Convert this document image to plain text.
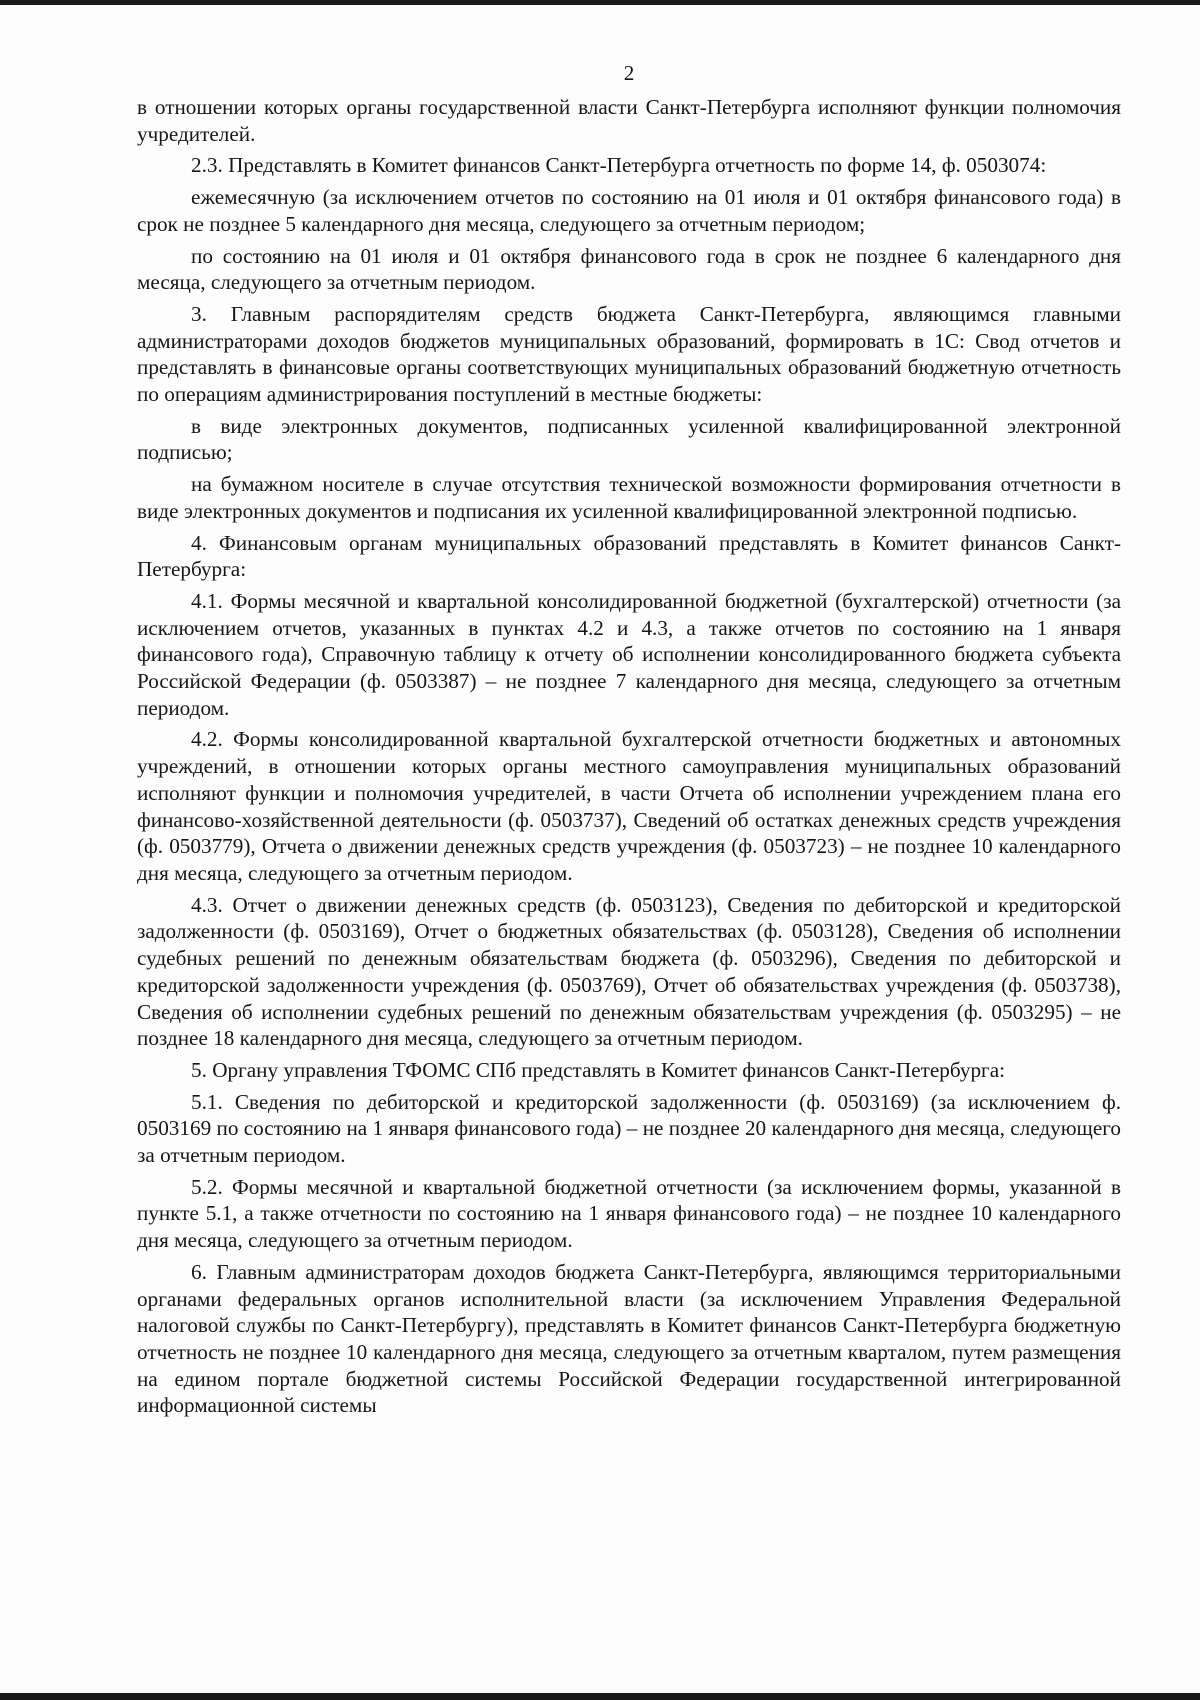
2

в отношении которых органы государственной власти Санкт-Петербурга исполняют функции полномочия учредителей.

2.3. Представлять в Комитет финансов Санкт-Петербурга отчетность по форме 14, ф. 0503074:

ежемесячную (за исключением отчетов по состоянию на 01 июля и 01 октября финансового года) в срок не позднее 5 календарного дня месяца, следующего за отчетным периодом;

по состоянию на 01 июля и 01 октября финансового года в срок не позднее 6 календарного дня месяца, следующего за отчетным периодом.

3. Главным распорядителям средств бюджета Санкт-Петербурга, являющимся главными администраторами доходов бюджетов муниципальных образований, формировать в 1С: Свод отчетов и представлять в финансовые органы соответствующих муниципальных образований бюджетную отчетность по операциям администрирования поступлений в местные бюджеты:

в виде электронных документов, подписанных усиленной квалифицированной электронной подписью;

на бумажном носителе в случае отсутствия технической возможности формирования отчетности в виде электронных документов и подписания их усиленной квалифицированной электронной подписью.

4. Финансовым органам муниципальных образований представлять в Комитет финансов Санкт-Петербурга:

4.1. Формы месячной и квартальной консолидированной бюджетной (бухгалтерской) отчетности (за исключением отчетов, указанных в пунктах 4.2 и 4.3, а также отчетов по состоянию на 1 января финансового года), Справочную таблицу к отчету об исполнении консолидированного бюджета субъекта Российской Федерации (ф. 0503387) – не позднее 7 календарного дня месяца, следующего за отчетным периодом.

4.2. Формы консолидированной квартальной бухгалтерской отчетности бюджетных и автономных учреждений, в отношении которых органы местного самоуправления муниципальных образований исполняют функции и полномочия учредителей, в части Отчета об исполнении учреждением плана его финансово-хозяйственной деятельности (ф. 0503737), Сведений об остатках денежных средств учреждения (ф. 0503779), Отчета о движении денежных средств учреждения (ф. 0503723) – не позднее 10 календарного дня месяца, следующего за отчетным периодом.

4.3. Отчет о движении денежных средств (ф. 0503123), Сведения по дебиторской и кредиторской задолженности (ф. 0503169), Отчет о бюджетных обязательствах (ф. 0503128), Сведения об исполнении судебных решений по денежным обязательствам бюджета (ф. 0503296), Сведения по дебиторской и кредиторской задолженности учреждения (ф. 0503769), Отчет об обязательствах учреждения (ф. 0503738), Сведения об исполнении судебных решений по денежным обязательствам учреждения (ф. 0503295) – не позднее 18 календарного дня месяца, следующего за отчетным периодом.

5. Органу управления ТФОМС СПб представлять в Комитет финансов Санкт-Петербурга:

5.1. Сведения по дебиторской и кредиторской задолженности (ф. 0503169) (за исключением ф. 0503169 по состоянию на 1 января финансового года) – не позднее 20 календарного дня месяца, следующего за отчетным периодом.

5.2. Формы месячной и квартальной бюджетной отчетности (за исключением формы, указанной в пункте 5.1, а также отчетности по состоянию на 1 января финансового года) – не позднее 10 календарного дня месяца, следующего за отчетным периодом.

6. Главным администраторам доходов бюджета Санкт-Петербурга, являющимся территориальными органами федеральных органов исполнительной власти (за исключением Управления Федеральной налоговой службы по Санкт-Петербургу), представлять в Комитет финансов Санкт-Петербурга бюджетную отчетность не позднее 10 календарного дня месяца, следующего за отчетным кварталом, путем размещения на едином портале бюджетной системы Российской Федерации государственной интегрированной информационной системы
